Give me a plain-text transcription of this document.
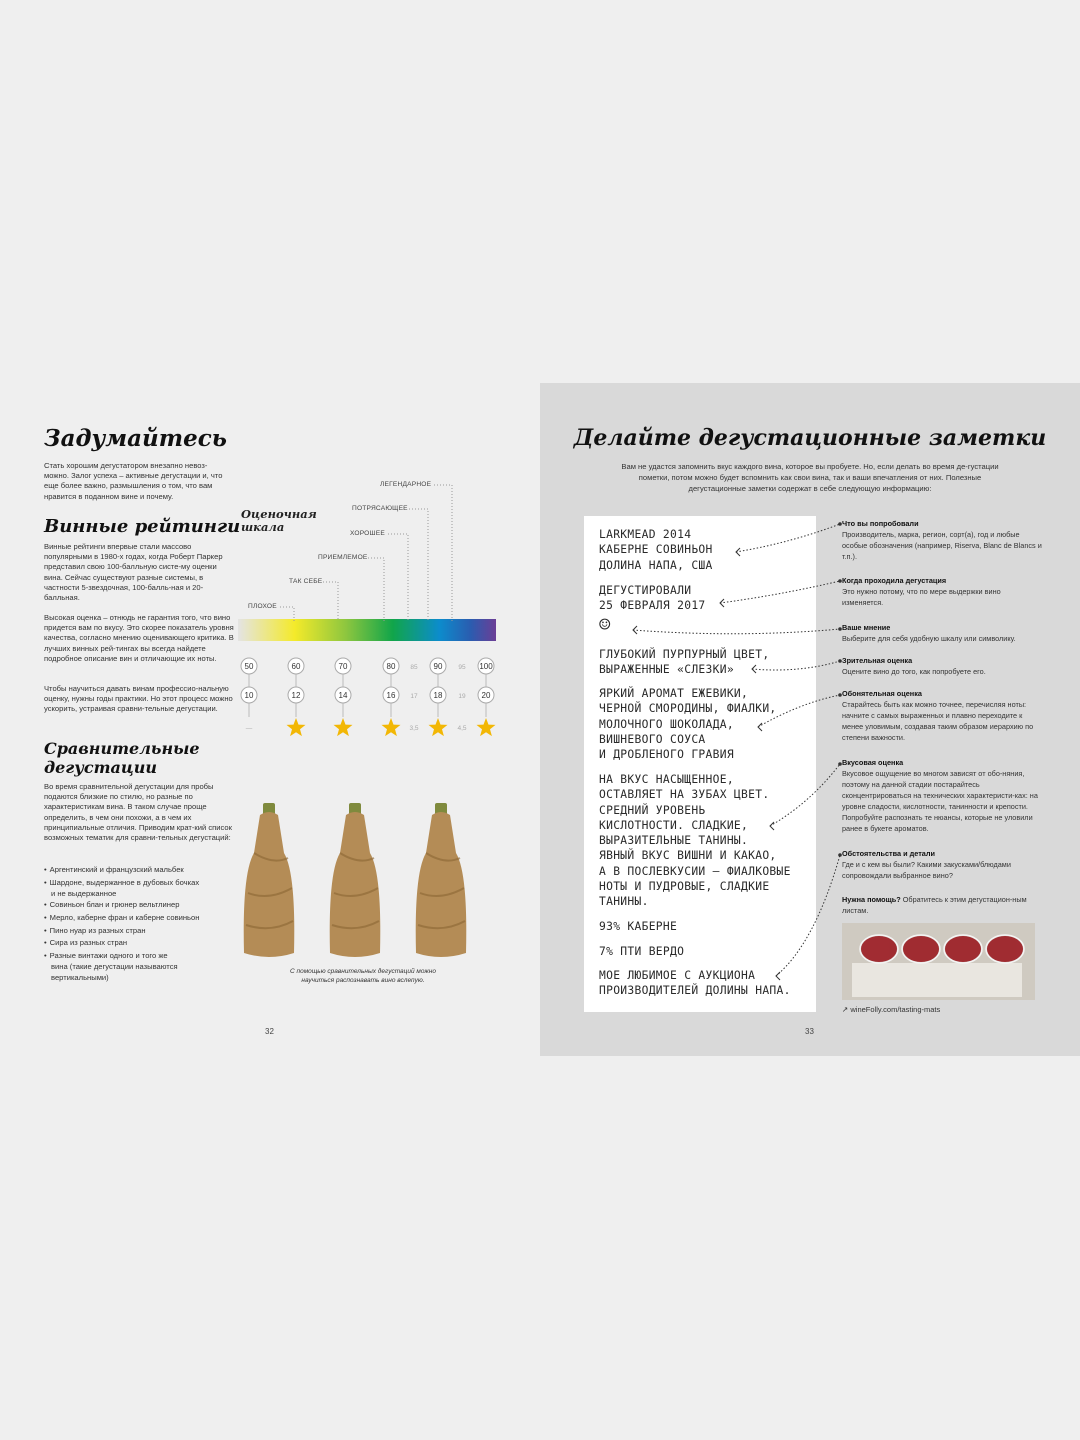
Задумайтесь

Стать хорошим дегустатором внезапно невоз-можно. Залог успеха – активные дегустации и, что еще более важно, размышления о том, что вам нравится в поданном вине и почему.

Винные рейтинги

Винные рейтинги впервые стали массово популярными в 1980-х годах, когда Роберт Паркер представил свою 100-балльную систе-му оценки вина. Сейчас существуют разные системы, в частности 5-звездочная, 100-балль-ная и 20-балльная.

Высокая оценка – отнюдь не гарантия того, что вино придется вам по вкусу. Это скорее показатель уровня качества, согласно мнению оценивающего критика. В лучших винных рей-тингах вы всегда найдете подробное описание вин и отличающие их ноты.

Чтобы научиться давать винам профессио-нальную оценку, нужны годы практики. Но этот процесс можно ускорить, устраивая сравни-тельные дегустации.

Сравнительные дегустации

Во время сравнительной дегустации для пробы подаются близкие по стилю, но разные по характеристикам вина. В таком случае проще определить, в чем они похожи, а в чем их принципиальные отличия. Приводим крат-кий список возможных тематик для сравни-тельных дегустаций:

• Аргентинский и французский мальбек
• Шардоне, выдержанное в дубовых бочках
и не выдержанное
• Совиньон блан и грюнер вельтлинер
• Мерло, каберне фран и каберне совиньон
• Пино нуар из разных стран
• Сира из разных стран
• Разные винтажи одного и того же
вина (такие дегустации называются
вертикальными)
Оценочная
шкала
ПЛОХОЕ
ТАК СЕБЕ
ПРИЕМЛЕМОЕ
ХОРОШЕЕ
ПОТРЯСАЮЩЕЕ
ЛЕГЕНДАРНОЕ
50
10
—
60
12
70
14
80
16
85
17
3,5
90
18
95
19
4,5
100
20
С помощью сравнительных дегустаций можно научиться распознавать вино вслепую.
32
Делайте дегустационные заметки

Вам не удастся запомнить вкус каждого вина, которое вы пробуете. Но, если делать во время де-густации пометки, потом можно будет вспомнить как свои вина, так и ваши впечатления от них. Полезные дегустационные заметки содержат в себе следующую информацию:

LARKMEAD 2014
КАБЕРНЕ СОВИНЬОН
ДОЛИНА НАПА, США
ДЕГУСТИРОВАЛИ
25 ФЕВРАЛЯ 2017
☺
ГЛУБОКИЙ ПУРПУРНЫЙ ЦВЕТ,
ВЫРАЖЕННЫЕ «СЛЕЗКИ»
ЯРКИЙ АРОМАТ ЕЖЕВИКИ,
ЧЕРНОЙ СМОРОДИНЫ, ФИАЛКИ,
МОЛОЧНОГО ШОКОЛАДА,
ВИШНЕВОГО СОУСА
И ДРОБЛЕНОГО ГРАВИЯ
НА ВКУС НАСЫЩЕННОЕ,
ОСТАВЛЯЕТ НА ЗУБАХ ЦВЕТ.
СРЕДНИЙ УРОВЕНЬ
КИСЛОТНОСТИ. СЛАДКИЕ,
ВЫРАЗИТЕЛЬНЫЕ ТАНИНЫ.
ЯВНЫЙ ВКУС ВИШНИ И КАКАО,
А В ПОСЛЕВКУСИИ – ФИАЛКОВЫЕ
НОТЫ И ПУДРОВЫЕ, СЛАДКИЕ
ТАНИНЫ.
93% КАБЕРНЕ
7% ПТИ ВЕРДО
МОЕ ЛЮБИМОЕ С АУКЦИОНА
ПРОИЗВОДИТЕЛЕЙ ДОЛИНЫ НАПА.
Что вы попробовали

Производитель, марка, регион, сорт(а), год и любые особые обозначения (например, Riserva, Blanc de Blancs и т.п.).

Когда проходила дегустация

Это нужно потому, что по мере выдержки вино изменяется.

Ваше мнение

Выберите для себя удобную шкалу или символику.

Зрительная оценка

Оцените вино до того, как попробуете его.

Обонятельная оценка

Старайтесь быть как можно точнее, перечисляя ноты: начните с самых выраженных и плавно переходите к менее уловимым, создавая таким образом иерархию по степени важности.

Вкусовая оценка

Вкусовое ощущение во многом зависят от обо-няния, поэтому на данной стадии постарайтесь сконцентрироваться на технических характеристи-ках: на уровне сладости, кислотности, танинности и крепости. Попробуйте распознать те нюансы, которые не уловили ранее в букете ароматов.

Обстоятельства и детали

Где и с кем вы были? Какими закусками/блюдами сопровождали выбранное вино?

Нужна помощь? Обратитесь к этим дегустацион-ным листам.

↗ wineFolly.com/tasting-mats
33
